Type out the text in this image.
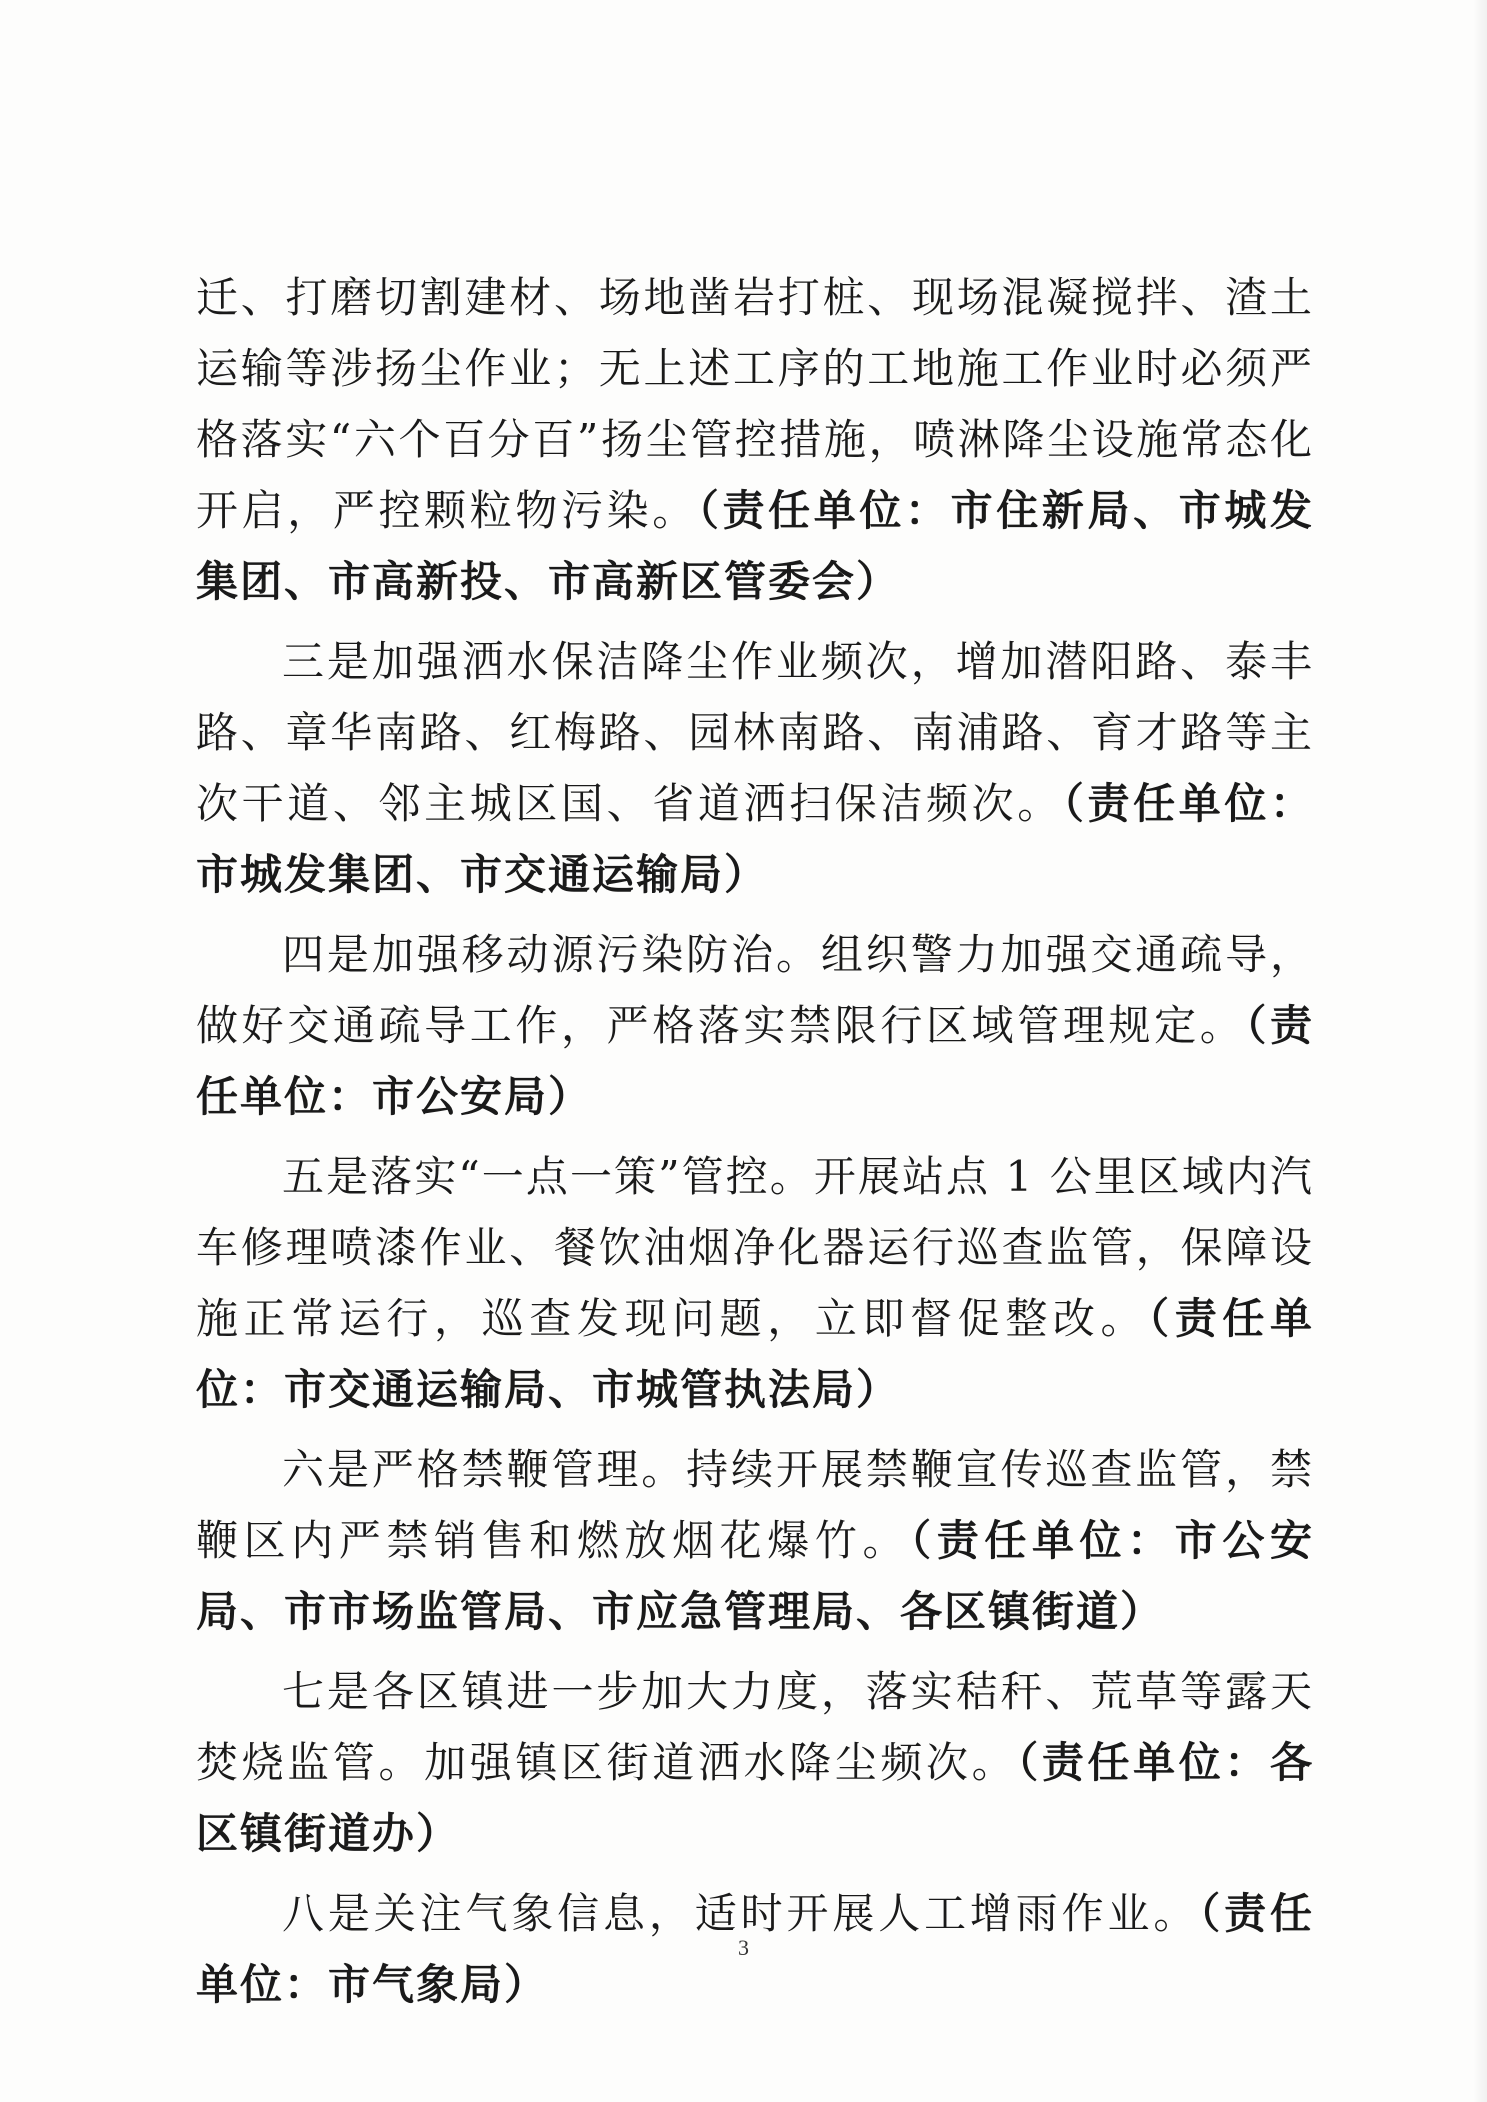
迁、打磨切割建材、场地凿岩打桩、现场混凝搅拌、渣土运输等涉扬尘作业；无上述工序的工地施工作业时必须严格落实“六个百分百”扬尘管控措施，喷淋降尘设施常态化开启，严控颗粒物污染。（责任单位：市住新局、市城发集团、市高新投、市高新区管委会）

三是加强洒水保洁降尘作业频次，增加潜阳路、泰丰路、章华南路、红梅路、园林南路、南浦路、育才路等主次干道、邻主城区国、省道洒扫保洁频次。（责任单位：市城发集团、市交通运输局）

四是加强移动源污染防治。组织警力加强交通疏导，做好交通疏导工作，严格落实禁限行区域管理规定。（责任单位：市公安局）

五是落实“一点一策”管控。开展站点 1 公里区域内汽车修理喷漆作业、餐饮油烟净化器运行巡查监管，保障设施正常运行，巡查发现问题，立即督促整改。（责任单位：市交通运输局、市城管执法局）

六是严格禁鞭管理。持续开展禁鞭宣传巡查监管，禁鞭区内严禁销售和燃放烟花爆竹。（责任单位：市公安局、市市场监管局、市应急管理局、各区镇街道）

七是各区镇进一步加大力度，落实秸秆、荒草等露天焚烧监管。加强镇区街道洒水降尘频次。（责任单位：各区镇街道办）

八是关注气象信息，适时开展人工增雨作业。（责任单位：市气象局）

3
